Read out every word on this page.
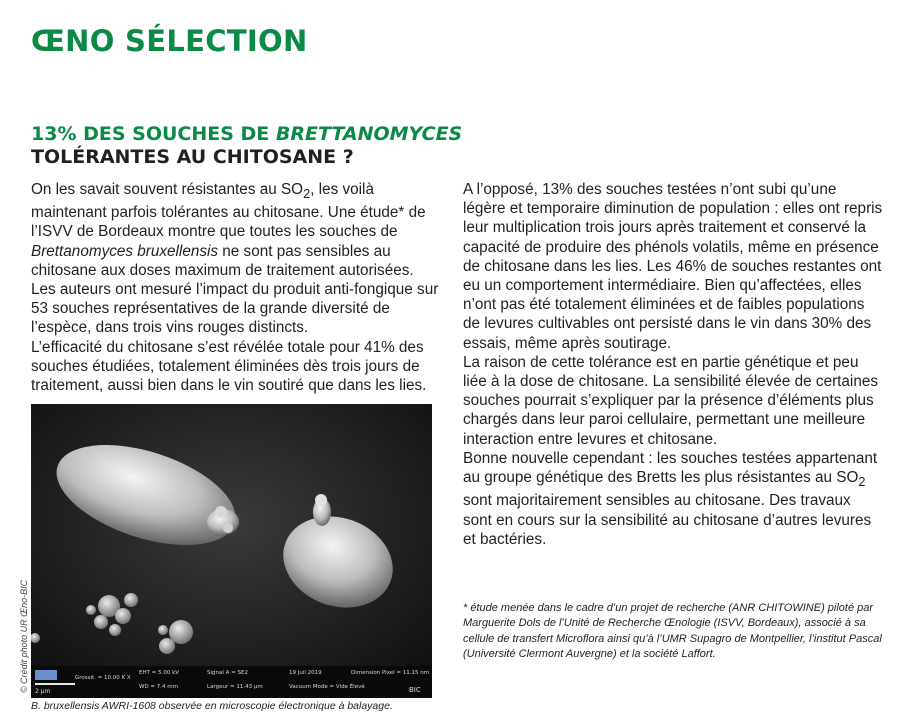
ŒNO SÉLECTION
13% DES SOUCHES DE BRETTANOMYCES
TOLÉRANTES AU CHITOSANE ?

On les savait souvent résistantes au $SO_2$, les voilà maintenant parfois tolérantes au chitosane. Une étude* de l’ISVV de Bordeaux montre que toutes les souches de Brettanomyces bruxellensis ne sont pas sensibles au chitosane aux doses maximum de traitement autorisées. Les auteurs ont mesuré l’impact du produit anti-fongique sur 53 souches représentatives de la grande diversité de l’espèce, dans trois vins rouges distincts.

L’efficacité du chitosane s’est révélée totale pour 41% des souches étudiées, totalement éliminées dès trois jours de traitement, aussi bien dans le vin soutiré que dans les lies.

2 µm
Grossit. = 10.00 K X
EHT = 5.00 kV
WD = 7.4 mm
Signal A = SE2
Largeur = 11.43 µm
19 Juil 2019
Vacuum Mode = Vide Élevé
Dimension Pixel = 11.15 nm
BIC
© Crédit photo UR Œno-BIC

B. bruxellensis AWRI-1608 observée en microscopie électronique à balayage.

A l’opposé, 13% des souches testées n’ont subi qu’une légère et temporaire diminution de population : elles ont repris leur multiplication trois jours après traitement et conservé la capacité de produire des phénols volatils, même en présence de chitosane dans les lies. Les 46% de souches restantes ont eu un comportement intermédiaire. Bien qu’affectées, elles n’ont pas été totalement éliminées et de faibles populations de levures cultivables ont persisté dans le vin dans 30% des essais, même après soutirage.

La raison de cette tolérance est en partie génétique et peu liée à la dose de chitosane. La sensibilité élevée de certaines souches pourrait s’expliquer par la présence d’éléments plus chargés dans leur paroi cellulaire, permettant une meilleure interaction entre levures et chitosane.

Bonne nouvelle cependant : les souches testées appartenant au groupe génétique des Bretts les plus résistantes au $SO_2$ sont majoritairement sensibles au chitosane. Des travaux sont en cours sur la sensibilité au chitosane d’autres levures et bactéries.

* étude menée dans le cadre d’un projet de recherche (ANR CHITOWINE) piloté par Marguerite Dols de l’Unité de Recherche Œnologie (ISVV, Bordeaux), associé à sa cellule de transfert Microflora ainsi qu’à l’UMR Supagro de Montpellier, l’institut Pascal (Université Clermont Auvergne) et la société Laffort.
